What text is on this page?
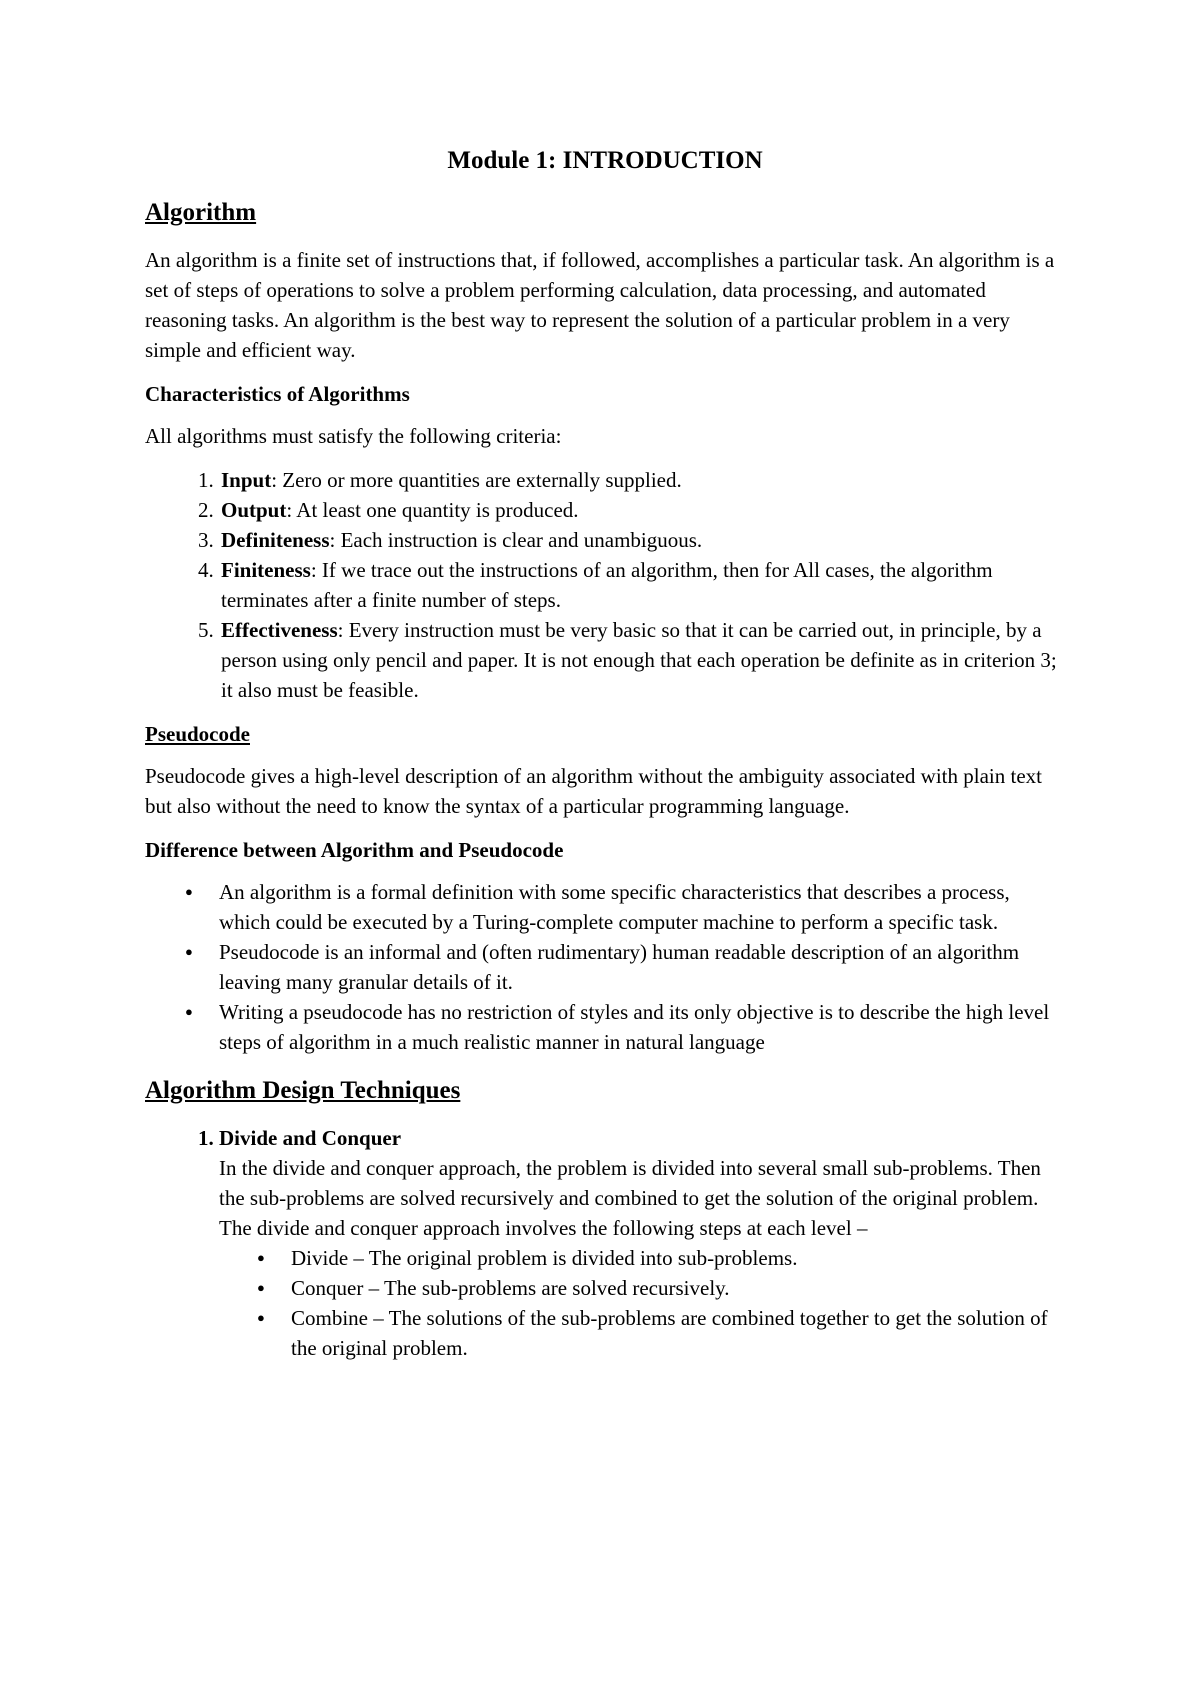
Module 1: INTRODUCTION
Algorithm

An algorithm is a finite set of instructions that, if followed, accomplishes a particular task. An algorithm is a set of steps of operations to solve a problem performing calculation, data processing, and automated reasoning tasks. An algorithm is the best way to represent the solution of a particular problem in a very simple and efficient way.

Characteristics of Algorithms

All algorithms must satisfy the following criteria:

1. Input: Zero or more quantities are externally supplied.
2. Output: At least one quantity is produced.
3. Definiteness: Each instruction is clear and unambiguous.
4. Finiteness: If we trace out the instructions of an algorithm, then for All cases, the algorithm terminates after a finite number of steps.
5. Effectiveness: Every instruction must be very basic so that it can be carried out, in principle, by a person using only pencil and paper. It is not enough that each operation be definite as in criterion 3; it also must be feasible.
Pseudocode

Pseudocode gives a high-level description of an algorithm without the ambiguity associated with plain text but also without the need to know the syntax of a particular programming language.

Difference between Algorithm and Pseudocode
● An algorithm is a formal definition with some specific characteristics that describes a process, which could be executed by a Turing-complete computer machine to perform a specific task.
● Pseudocode is an informal and (often rudimentary) human readable description of an algorithm leaving many granular details of it.
● Writing a pseudocode has no restriction of styles and its only objective is to describe the high level steps of algorithm in a much realistic manner in natural language
Algorithm Design Techniques
1. Divide and Conquer
In the divide and conquer approach, the problem is divided into several small sub-problems. Then the sub-problems are solved recursively and combined to get the solution of the original problem.
The divide and conquer approach involves the following steps at each level –
● Divide – The original problem is divided into sub-problems.
● Conquer – The sub-problems are solved recursively.
● Combine – The solutions of the sub-problems are combined together to get the solution of the original problem.
